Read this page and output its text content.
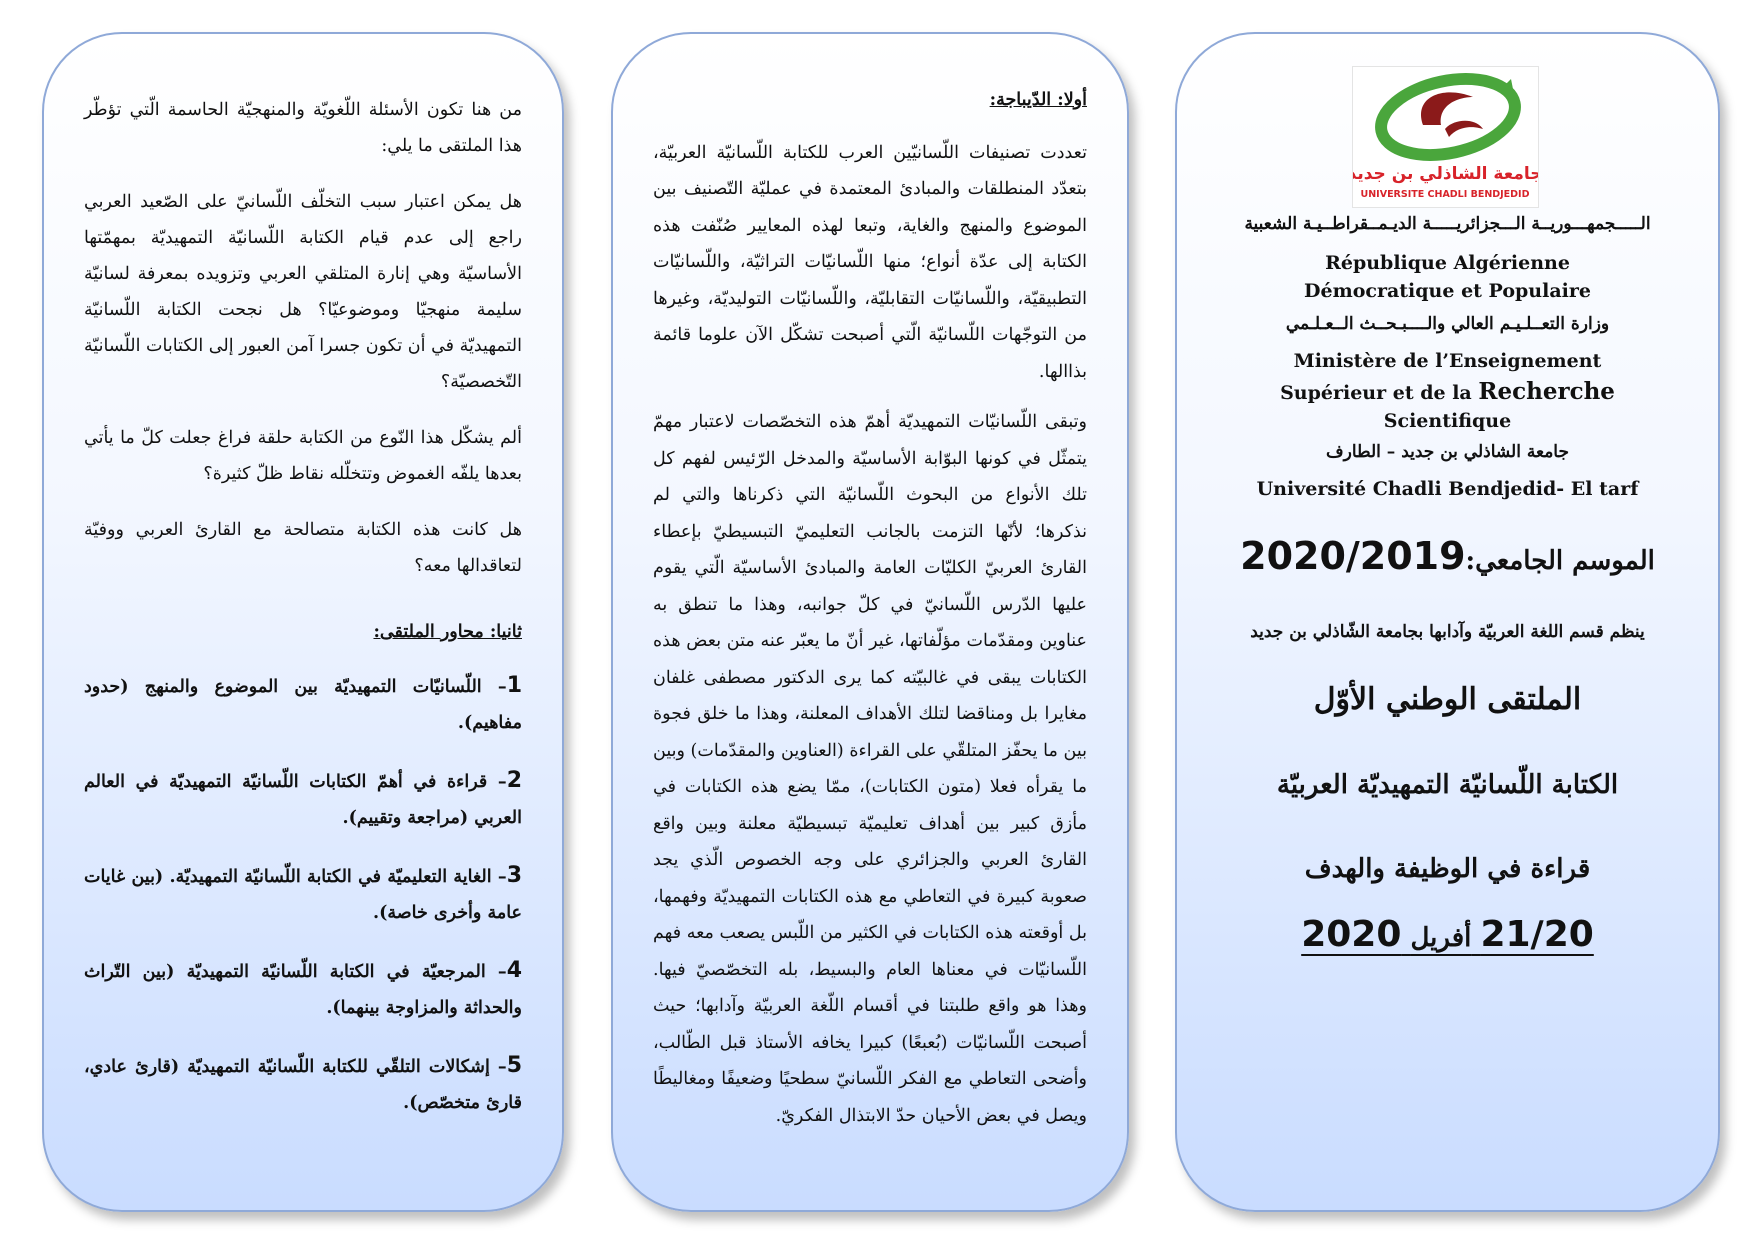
من هنا تكون الأسئلة اللّغويّة والمنهجيّة الحاسمة الّتي تؤطّر هذا الملتقى ما يلي:

هل يمكن اعتبار سبب التخلّف اللّسانيّ على الصّعيد العربي راجع إلى عدم قيام الكتابة اللّسانيّة التمهيديّة بمهمّتها الأساسيّة وهي إنارة المتلقي العربي وتزويده بمعرفة لسانيّة سليمة منهجيّا وموضوعيّا؟ هل نجحت الكتابة اللّسانيّة التمهيديّة في أن تكون جسرا آمن العبور إلى الكتابات اللّسانيّة التّخصصيّة؟

ألم يشكّل هذا النّوع من الكتابة حلقة فراغ جعلت كلّ ما يأتي بعدها يلفّه الغموض وتتخلّله نقاط ظلّ كثيرة؟

هل كانت هذه الكتابة متصالحة مع القارئ العربي ووفيّة لتعاقدالها معه؟

ثانيا: محاور الملتقى:

1– اللّسانيّات التمهيديّة بين الموضوع والمنهج (حدود مفاهيم).

2– قراءة في أهمّ الكتابات اللّسانيّة التمهيديّة في العالم العربي (مراجعة وتقييم).

3– الغاية التعليميّة في الكتابة اللّسانيّة التمهيديّة. (بين غايات عامة وأخرى خاصة).

4– المرجعيّة في الكتابة اللّسانيّة التمهيديّة (بين التّراث والحداثة والمزاوجة بينهما).

5– إشكالات التلقّي للكتابة اللّسانيّة التمهيديّة (قارئ عادي، قارئ متخصّص).

أولا: الدّيباجة:

تعددت تصنيفات اللّسانيّين العرب للكتابة اللّسانيّة العربيّة، بتعدّد المنطلقات والمبادئ المعتمدة في عمليّة التّصنيف بين الموضوع والمنهج والغاية، وتبعا لهذه المعايير صُنّفت هذه الكتابة إلى عدّة أنواع؛ منها اللّسانيّات التراثيّة، واللّسانيّات التطبيقيّة، واللّسانيّات التقابليّة، واللّسانيّات التوليديّة، وغيرها من التوجّهات اللّسانيّة الّتي أصبحت تشكّل الآن علوما قائمة بذاالها.

وتبقى اللّسانيّات التمهيديّة أهمّ هذه التخصّصات لاعتبار مهمّ يتمثّل في كونها البوّابة الأساسيّة والمدخل الرّئيس لفهم كل تلك الأنواع من البحوث اللّسانيّة التي ذكرناها والتي لم نذكرها؛ لأنّها التزمت بالجانب التعليميّ التبسيطيّ بإعطاء القارئ العربيّ الكليّات العامة والمبادئ الأساسيّة الّتي يقوم عليها الدّرس اللّسانيّ في كلّ جوانبه، وهذا ما تنطق به عناوين ومقدّمات مؤلّفاتها، غير أنّ ما يعبّر عنه متن بعض هذه الكتابات يبقى في غالبيّته كما يرى الدكتور مصطفى غلفان مغايرا بل ومناقضا لتلك الأهداف المعلنة، وهذا ما خلق فجوة بين ما يحفّز المتلقّي على القراءة (العناوين والمقدّمات) وبين ما يقرأه فعلا (متون الكتابات)، ممّا يضع هذه الكتابات في مأزق كبير بين أهداف تعليميّة تبسيطيّة معلنة وبين واقع القارئ العربي والجزائري على وجه الخصوص الّذي يجد صعوبة كبيرة في التعاطي مع هذه الكتابات التمهيديّة وفهمها، بل أوقعته هذه الكتابات في الكثير من اللّبس يصعب معه فهم اللّسانيّات في معناها العام والبسيط، بله التخصّصيّ فيها. وهذا هو واقع طلبتنا في أقسام اللّغة العربيّة وآدابها؛ حيث أصبحت اللّسانيّات (بُعبعًا) كبيرا يخافه الأستاذ قبل الطّالب، وأضحى التعاطي مع الفكر اللّسانيّ سطحيًا وضعيفًا ومغاليطًا ويصل في بعض الأحيان حدّ الابتذال الفكريّ.

جامعة الشاذلي بن جديد
UNIVERSITE CHADLI BENDJEDID
الـــــجمهـــوريــة الـــجزائريـــــة الديـمــقراطــيـة الشعبية
République Algérienne
Démocratique et Populaire
وزارة التعــلـيـم العالي والــــبـحــث الــعـلـمي
Ministère de l’Enseignement
Supérieur et de la Recherche
Scientifique
جامعة الشاذلي بن جديد – الطارف
Université Chadli Bendjedid- El tarf
الموسم الجامعي:2020/2019
ينظم قسم اللغة العربيّة وآدابها بجامعة الشّاذلي بن جديد
الملتقى الوطني الأوّل
الكتابة اللّسانيّة التمهيديّة العربيّة
قراءة في الوظيفة والهدف
21/20 أفريل 2020
